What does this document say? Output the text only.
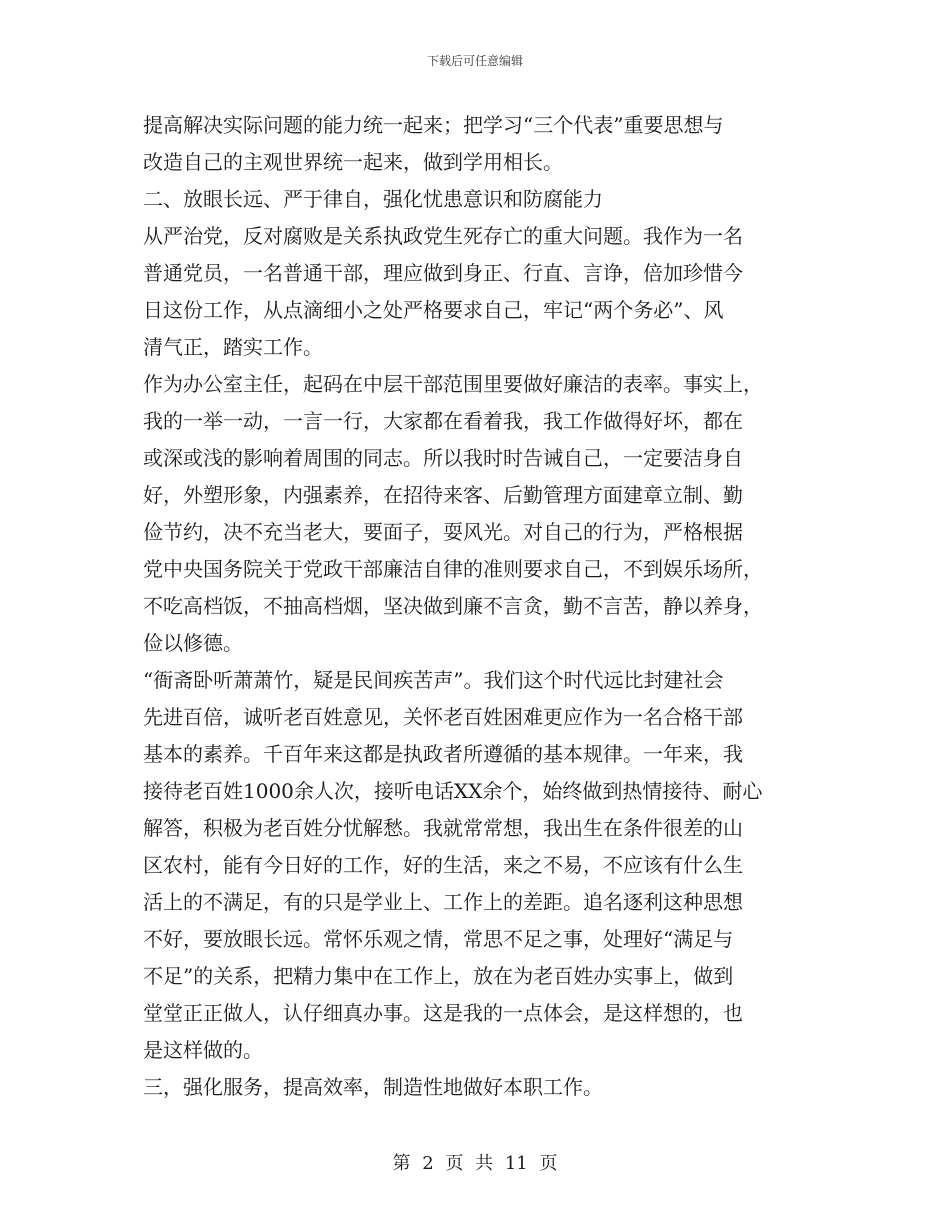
下载后可任意编辑
提高解决实际问题的能力统一起来；把学习“三个代表”重要思想与
改造自己的主观世界统一起来，做到学用相长。
二、放眼长远、严于律自，强化忧患意识和防腐能力
从严治党，反对腐败是关系执政党生死存亡的重大问题。我作为一名
普通党员，一名普通干部，理应做到身正、行直、言诤，倍加珍惜今
日这份工作，从点滴细小之处严格要求自己，牢记“两个务必”、风
清气正，踏实工作。
作为办公室主任，起码在中层干部范围里要做好廉洁的表率。事实上，
我的一举一动，一言一行，大家都在看着我，我工作做得好坏，都在
或深或浅的影响着周围的同志。所以我时时告诫自己，一定要洁身自
好，外塑形象，内强素养，在招待来客、后勤管理方面建章立制、勤
俭节约，决不充当老大，要面子，耍风光。对自己的行为，严格根据
党中央国务院关于党政干部廉洁自律的准则要求自己，不到娱乐场所，
不吃高档饭，不抽高档烟，坚决做到廉不言贪，勤不言苦，静以养身，
俭以修德。
“衙斋卧听萧萧竹，疑是民间疾苦声”。我们这个时代远比封建社会
先进百倍，诚听老百姓意见，关怀老百姓困难更应作为一名合格干部
基本的素养。千百年来这都是执政者所遵循的基本规律。一年来，我
接待老百姓1000余人次，接听电话XX余个，始终做到热情接待、耐心
解答，积极为老百姓分忧解愁。我就常常想，我出生在条件很差的山
区农村，能有今日好的工作，好的生活，来之不易，不应该有什么生
活上的不满足，有的只是学业上、工作上的差距。追名逐利这种思想
不好，要放眼长远。常怀乐观之情，常思不足之事，处理好“满足与
不足”的关系，把精力集中在工作上，放在为老百姓办实事上，做到
堂堂正正做人，认仔细真办事。这是我的一点体会，是这样想的，也
是这样做的。
三，强化服务，提高效率，制造性地做好本职工作。
第 2 页 共 11 页
